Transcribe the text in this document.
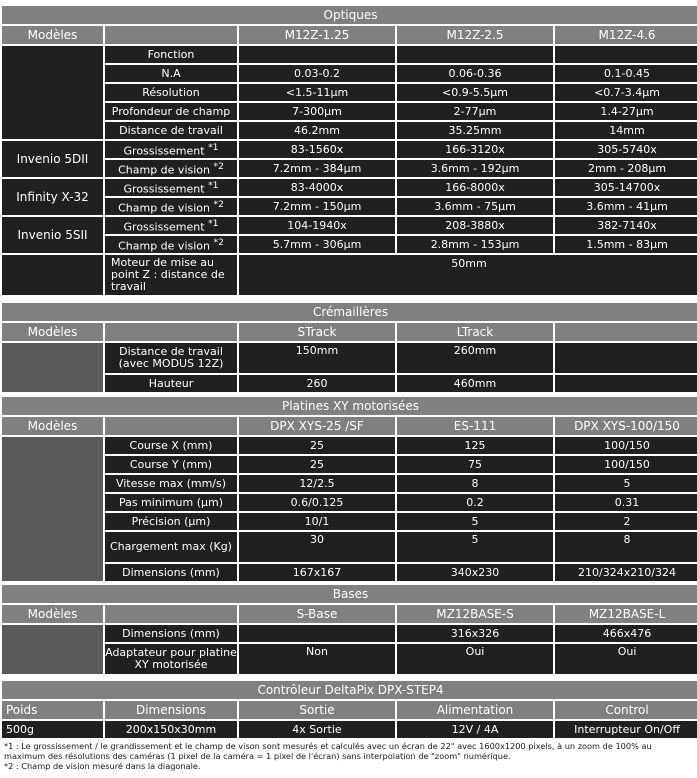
Optiques				
Modèles		M12Z-1.25	M12Z-2.5	M12Z-4.6
	Fonction			
	N.A	0.03-0.2	0.06-0.36	0.1-0.45
	Résolution	<1.5-11µm	<0.9-5.5µm	<0.7-3.4µm
	Profondeur de champ	7-300µm	2-77µm	1.4-27µm
	Distance de travail	46.2mm	35.25mm	14mm
Invenio 5DII	Grossissement $^{*1}$	83-1560x	166-3120x	305-5740x
	Champ de vision $^{*2}$	7.2mm - 384µm	3.6mm - 192µm	2mm - 208µm
Infinity X-32	Grossissement $^{*1}$	83-4000x	166-8000x	305-14700x
	Champ de vision $^{*2}$	7.2mm - 150µm	3.6mm - 75µm	3.6mm - 41µm
Invenio 5SII	Grossissement $^{*1}$	104-1940x	208-3880x	382-7140x
	Champ de vision $^{*2}$	5.7mm - 306µm	2.8mm - 153µm	1.5mm - 83µm
	Moteur de mise au point Z : distance de travail	50mm		
Crémaillères				
Modèles		STrack	LTrack	
	Distance de travail (avec MODUS 12Z)	150mm	260mm	
	Hauteur	260	460mm	
Platines XY motorisées				
Modèles		DPX XYS-25 /SF	ES-111	DPX XYS-100/150
	Course X (mm)	25	125	100/150
	Course Y (mm)	25	75	100/150
	Vitesse max (mm/s)	12/2.5	8	5
	Pas minimum (µm)	0.6/0.125	0.2	0.31
	Précision (µm)	10/1	5	2
	Chargement max (Kg)	30	5	8
	Dimensions (mm)	167x167	340x230	210/324x210/324
Bases				
Modèles		S-Base	MZ12BASE-S	MZ12BASE-L
	Dimensions (mm)		316x326	466x476
	Adaptateur pour platine XY motorisée	Non	Oui	Oui
Contrôleur DeltaPix DPX-STEP4				
Poids	Dimensions	Sortie	Alimentation	Control
500g	200x150x30mm	4x Sortie	12V / 4A	Interrupteur On/Off
*1 : Le grossissement / le grandissement et le champ de vison sont mesurés et calculés avec un écran de 22" avec 1600x1200 pixels, à un zoom de 100% au maximum des résolutions des caméras (1 pixel de la caméra = 1 pixel de l'écran) sans interpolation de "zoom" numérique.
*2 : Champ de vision mesuré dans la diagonale.
